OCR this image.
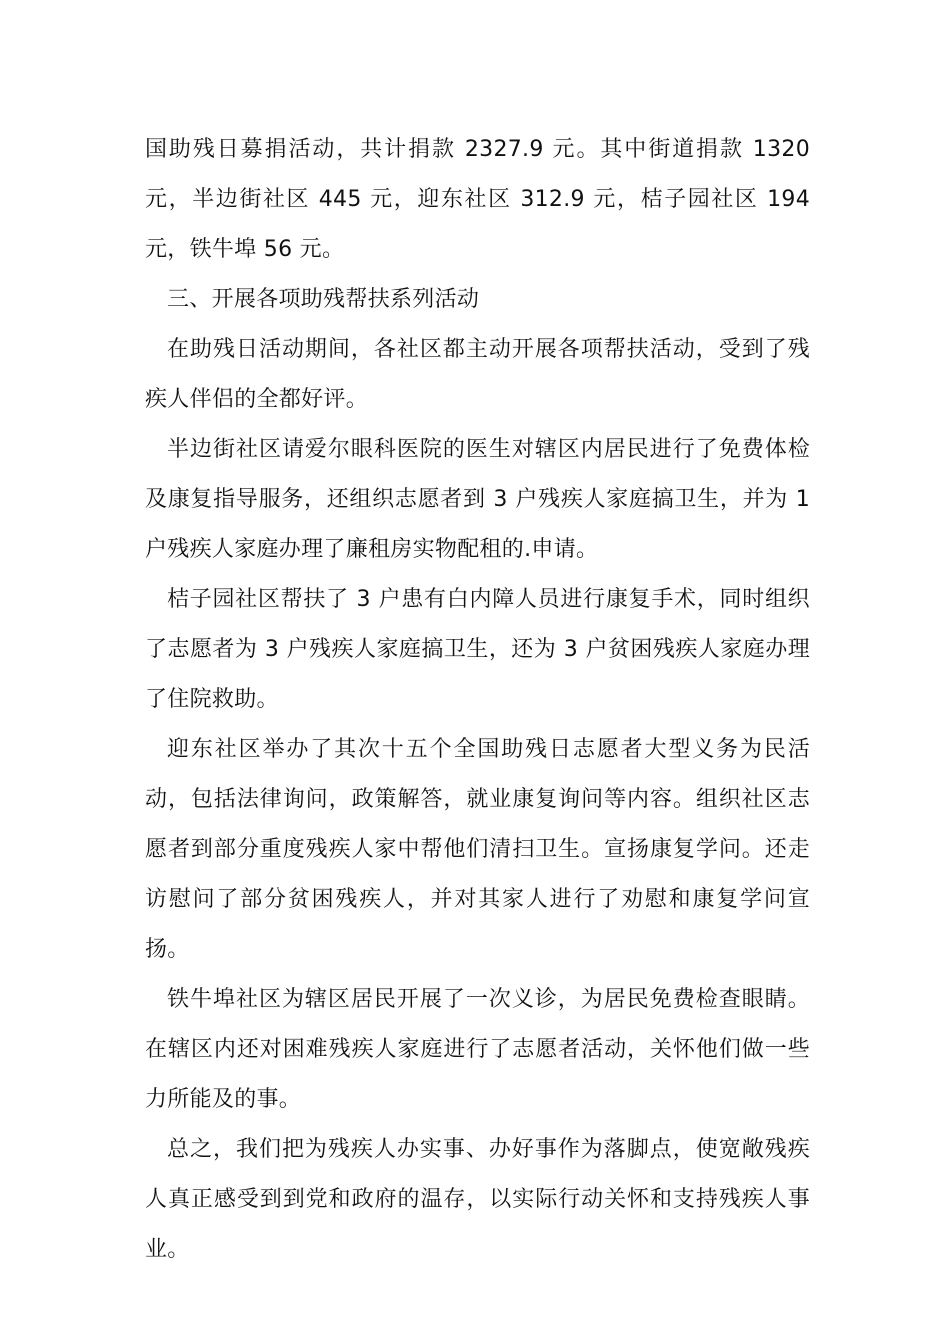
国助残日募捐活动，共计捐款 2327.9 元。其中街道捐款 1320 元，半边街社区 445 元，迎东社区 312.9 元，桔子园社区 194 元，铁牛埠 56 元。

三、开展各项助残帮扶系列活动

在助残日活动期间，各社区都主动开展各项帮扶活动，受到了残疾人伴侣的全都好评。

半边街社区请爱尔眼科医院的医生对辖区内居民进行了免费体检及康复指导服务，还组织志愿者到 3 户残疾人家庭搞卫生，并为 1 户残疾人家庭办理了廉租房实物配租的.申请。

桔子园社区帮扶了 3 户患有白内障人员进行康复手术，同时组织了志愿者为 3 户残疾人家庭搞卫生，还为 3 户贫困残疾人家庭办理了住院救助。

迎东社区举办了其次十五个全国助残日志愿者大型义务为民活动，包括法律询问，政策解答，就业康复询问等内容。组织社区志愿者到部分重度残疾人家中帮他们清扫卫生。宣扬康复学问。还走访慰问了部分贫困残疾人，并对其家人进行了劝慰和康复学问宣扬。

铁牛埠社区为辖区居民开展了一次义诊，为居民免费检查眼睛。在辖区内还对困难残疾人家庭进行了志愿者活动，关怀他们做一些力所能及的事。

总之，我们把为残疾人办实事、办好事作为落脚点，使宽敞残疾人真正感受到到党和政府的温存，以实际行动关怀和支持残疾人事业。
